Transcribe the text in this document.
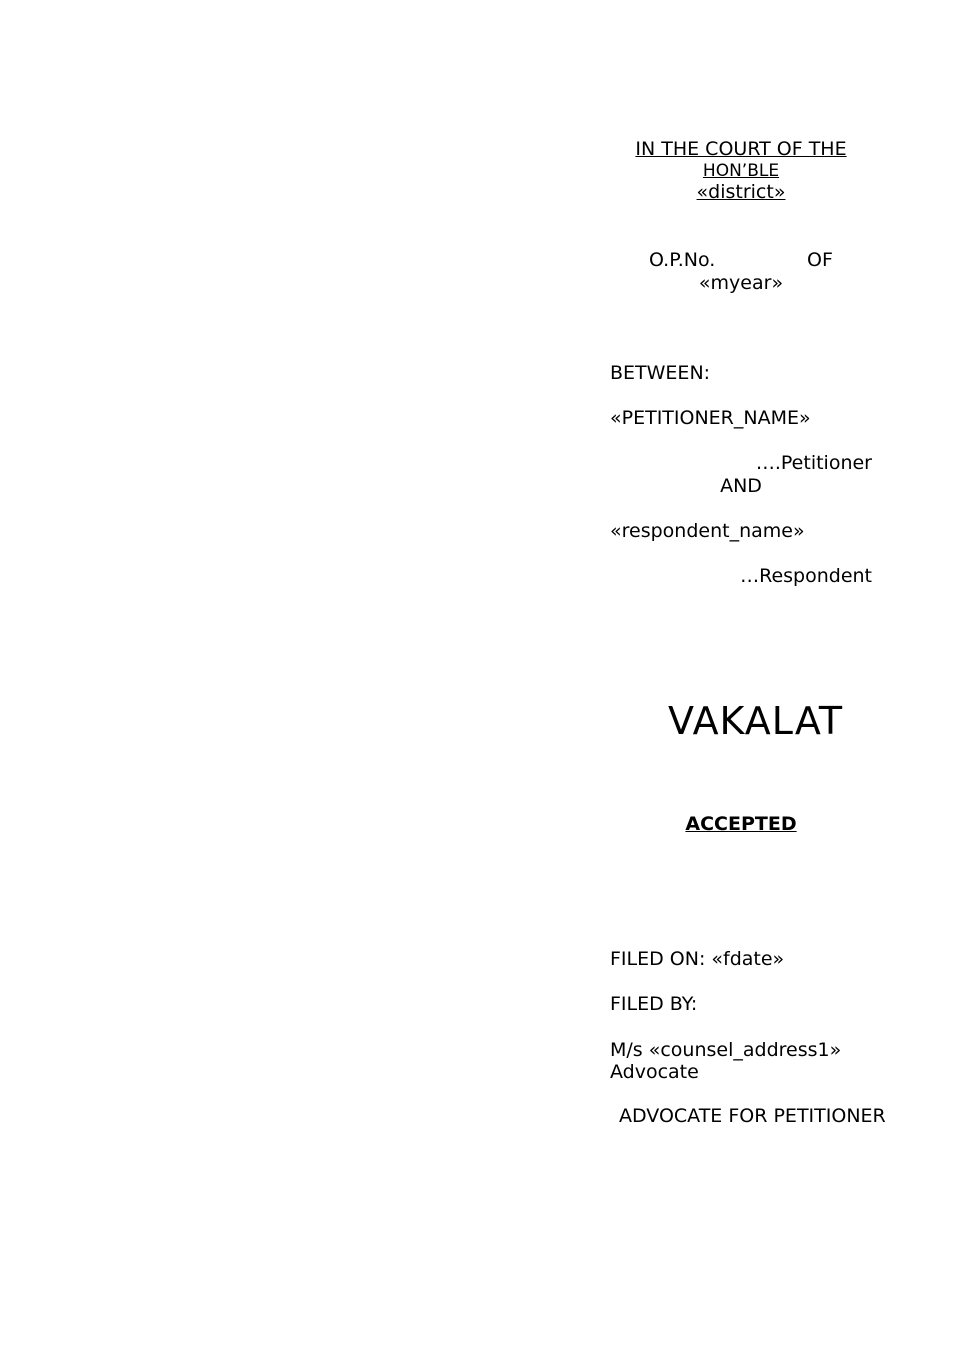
IN THE COURT OF THE
HON’BLE
«district»
O.P.No.	OF
«myear»
BETWEEN:
«PETITIONER_NAME»
….Petitioner
AND
«respondent_name»
…Respondent
VAKALAT
ACCEPTED
FILED ON: «fdate»
FILED BY:
M/s «counsel_address1»
Advocate
ADVOCATE FOR PETITIONER
